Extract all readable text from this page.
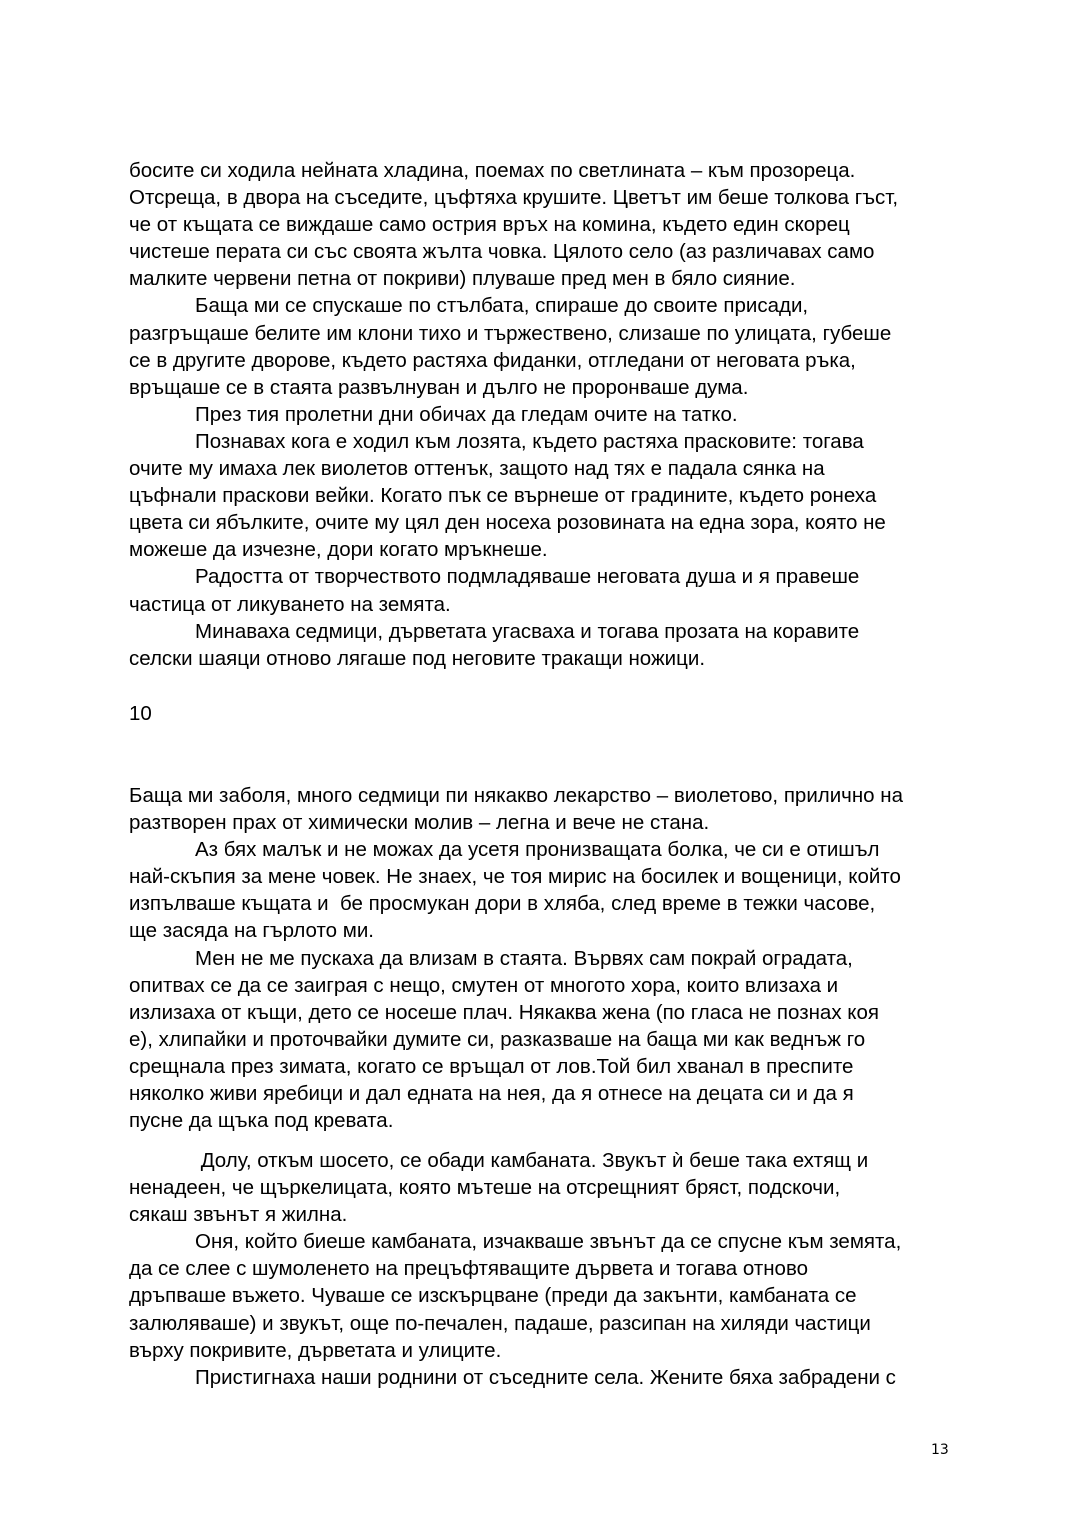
босите си ходила нейната хладина, поемах по светлината – към прозореца.

Отсреща, в двора на съседите, цъфтяха крушите. Цветът им беше толкова гъст,

че от къщата се виждаше само острия връх на комина, където един скорец

чистеше перата си със своята жълта човка. Цялото село (аз различавах само

малките червени петна от покриви) плуваше пред мен в бяло сияние.

Баща ми се спускаше по стълбата, спираше до своите присади,

разгръщаше белите им клони тихо и тържествено, слизаше по улицата, губеше

се в другите дворове, където растяха фиданки, отгледани от неговата ръка,

връщаше се в стаята развълнуван и дълго не проронваше дума.

През тия пролетни дни обичах да гледам очите на татко.

Познавах кога е ходил към лозята, където растяха прасковите: тогава

очите му имаха лек виолетов оттенък, защото над тях е падала сянка на

цъфнали праскови вейки. Когато пък се върнеше от градините, където ронеха

цвета си ябълките, очите му цял ден носеха розовината на една зора, която не

можеше да изчезне, дори когато мръкнеше.

Радостта от творчеството подмладяваше неговата душа и я правеше

частица от ликуването на земята.

Минаваха седмици, дърветата угасваха и тогава прозата на коравите

селски шаяци отново лягаше под неговите тракащи ножици.

10

Баща ми заболя, много седмици пи някакво лекарство – виолетово, прилично на

разтворен прах от химически молив – легна и вече не стана.

Аз бях малък и не можах да усетя пронизващата болка, че си е отишъл

най-скъпия за мене човек. Не знаех, че тоя мирис на босилек и вощеници, който

изпълваше къщата и  бе просмукан дори в хляба, след време в тежки часове,

ще засяда на гърлото ми.

Мен не ме пускаха да влизам в стаята. Вървях сам покрай оградата,

опитвах се да се заиграя с нещо, смутен от многото хора, които влизаха и

излизаха от къщи, дето се носеше плач. Някаква жена (по гласа не познах коя

е), хлипайки и проточвайки думите си, разказваше на баща ми как веднъж го

срещнала през зимата, когато се връщал от лов.Той бил хванал в преспите

няколко живи яребици и дал едната на нея, да я отнесе на децата си и да я

пусне да щъка под кревата.

Долу, откъм шосето, се обади камбаната. Звукът ѝ беше така ехтящ и

ненадеен, че щъркелицата, която мътеше на отсрещният бряст, подскочи,

сякаш звънът я жилна.

Оня, който биеше камбаната, изчакваше звънът да се спусне към земята,

да се слее с шумоленето на прецъфтяващите дървета и тогава отново

дръпваше въжето. Чуваше се изскърцване (преди да закънти, камбаната се

залюляваше) и звукът, още по-печален, падаше, разсипан на хиляди частици

върху покривите, дърветата и улиците.

Пристигнаха наши роднини от съседните села. Жените бяха забрадени с

13
